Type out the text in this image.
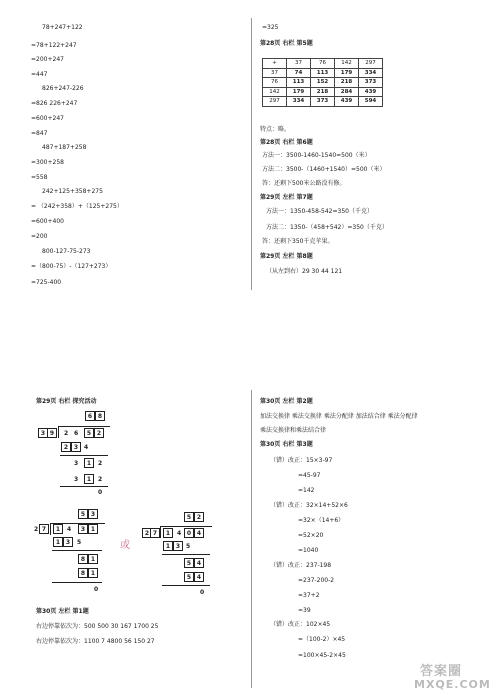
78+247+122
=78+122+247
=200+247
=447
826+247-226
=826 226+247
=600+247
=847
487+187+258
=300+258
=558
242+125+358+275
= （242+358）+（125+275）
=600+400
=200
800-127-75-273
=（800-75）-（127+273）
=725-400
=325
第28页 右栏 第5题
+	37	76	142	297
37	74	113	179	334
76	113	152	218	373
142	179	218	284	439
297	334	373	439	594
特点：略。
第28页 右栏 第6题
方法一：3500-1460-1540=500（米）
方法二：3500-（1460+1540）=500（米）
答：还剩下500米公路没有修。
第29页 左栏 第7题
方法一：1350-458-542=350（千克）
方法二：1350-（458+542）=350（千克）
答：还剩下350千克苹果。
第29页 左栏 第8题
（从左到右）29 30 44 121
第29页 右栏 探究活动
6 8
3 9	2 6	5 2
2 3 4
3	1	2
3	1	2
0
5 3
2 7	1	4	3 1
1 3	5
8 1
8 1
0
或
5 2
2 7	1	4 0 4
1 3 5
5 4
5 4
0
第30页 左栏 第1题
右边停靠依次为：500 500 30 167 1700 25
右边停靠依次为：1100 7 4800 56 150 27
第30页 左栏 第2题
加法交换律 乘法交换律 乘法分配律 加法结合律 乘法分配律
乘法交换律和乘法结合律
第30页 右栏 第3题
（错）改正：15×3-97
=45-97
=142
（错）改正：32×14+52×6
=32×（14+6）
=52×20
=1040
（错）改正：237-198
=237-200-2
=37+2
=39
（错）改正：102×45
=（100-2）×45
=100×45-2×45
答案圈
MXQE.COM
